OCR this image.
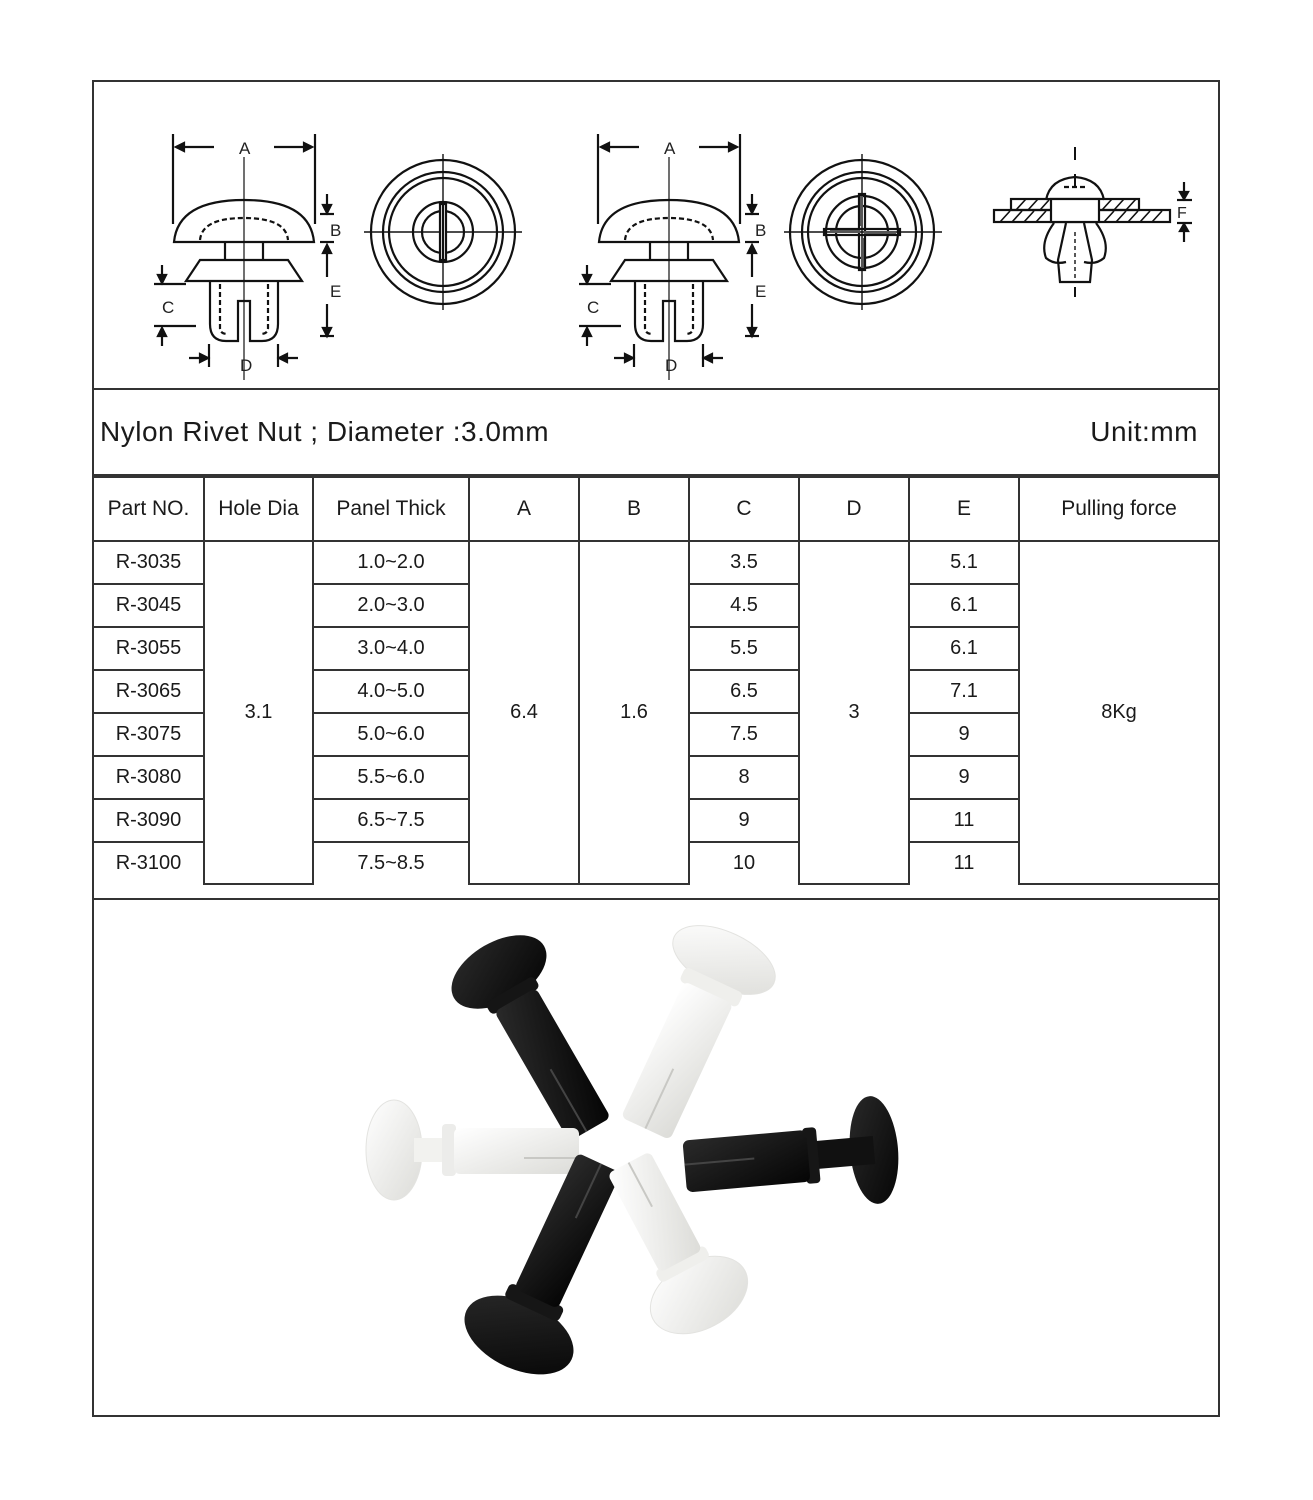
A
B
C
D
E
A
B
C
D
E
F
Nylon Rivet Nut ; Diameter :3.0mm	Unit:mm
Part NO.	Hole Dia	Panel Thick	A	B	C	D	E	Pulling force
R-3035	3.1	1.0~2.0	6.4	1.6	3.5	3	5.1	8Kg
R-3045		2.0~3.0			4.5		6.1	
R-3055		3.0~4.0			5.5		6.1	
R-3065		4.0~5.0			6.5		7.1	
R-3075		5.0~6.0			7.5		9	
R-3080		5.5~6.0			8		9	
R-3090		6.5~7.5			9		11	
R-3100		7.5~8.5			10		11	
